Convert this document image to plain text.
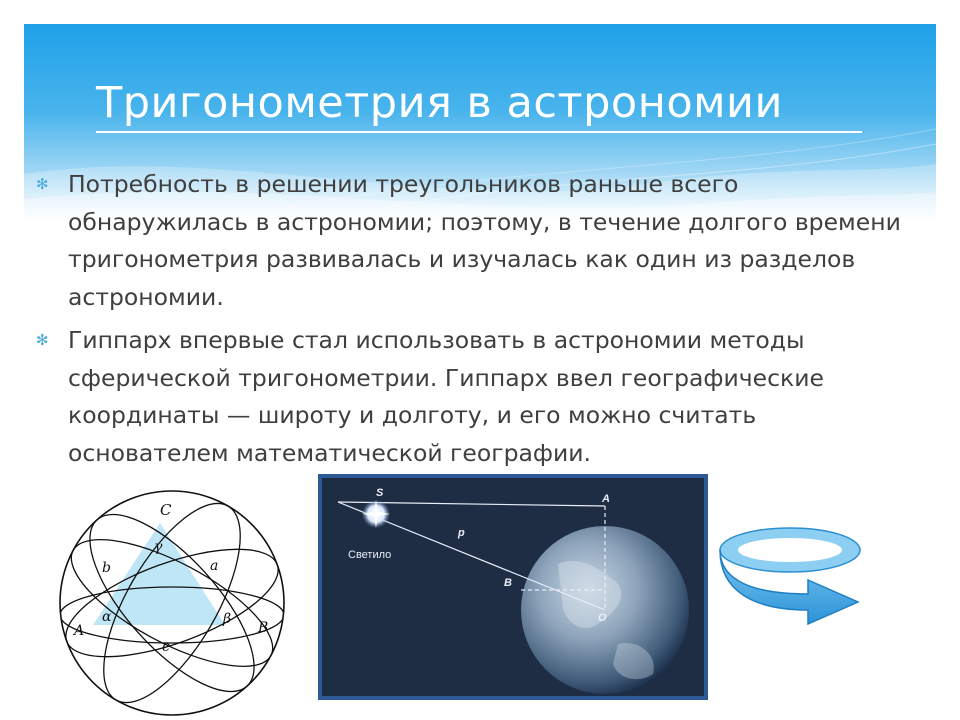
Тригонометрия в астрономии
✻ Потребность в решении треугольников раньше всего обнаружилась в астрономии; поэтому, в течение долгого времени тригонометрия развивалась и изучалась как один из разделов астрономии.
✻ Гиппарх впервые стал использовать в астрономии методы сферической тригонометрии. Гиппарх ввел географические координаты — широту и долготу, и его можно считать основателем математической географии.
C
γ
b	a
α	β
A	B
c
S
Светило
p
A
B
O
